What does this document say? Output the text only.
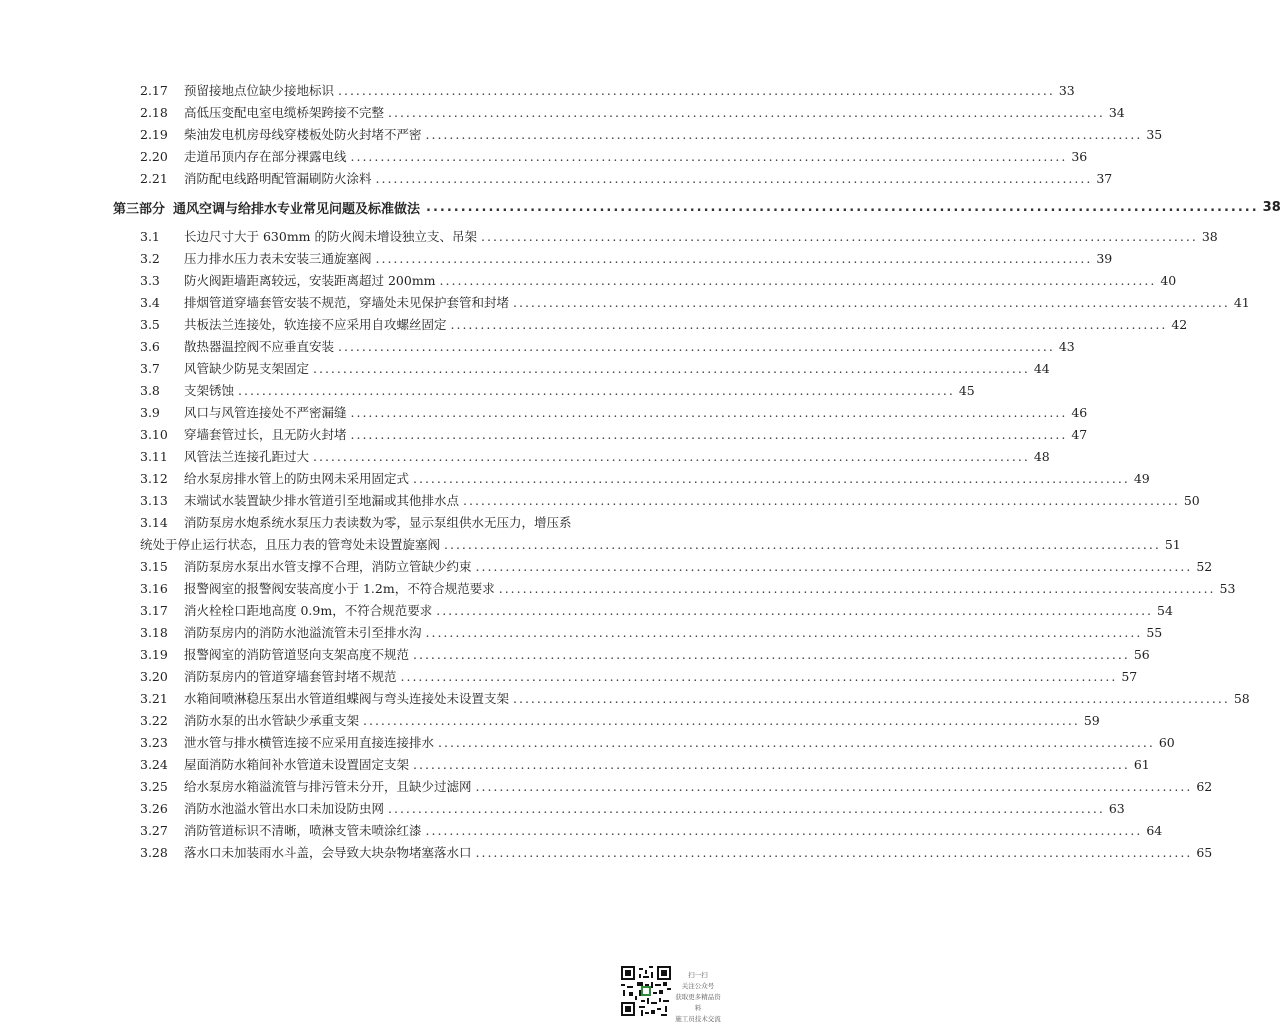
2.17	预留接地点位缺少接地标识 ........................................................................................................................ 33
2.18	高低压变配电室电缆桥架跨接不完整 ........................................................................................................................ 34
2.19	柴油发电机房母线穿楼板处防火封堵不严密 ........................................................................................................................ 35
2.20	走道吊顶内存在部分裸露电线 ........................................................................................................................ 36
2.21	消防配电线路明配管漏刷防火涂料 ........................................................................................................................ 37
第三部分 通风空调与给排水专业常见问题及标准做法 ........................................................................................................................ 38
3.1	长边尺寸大于 630mm 的防火阀未增设独立支、吊架 ........................................................................................................................ 38
3.2	压力排水压力表未安装三通旋塞阀 ........................................................................................................................ 39
3.3	防火阀距墙距离较远，安装距离超过 200mm ........................................................................................................................ 40
3.4	排烟管道穿墙套管安装不规范，穿墙处未见保护套管和封堵 ........................................................................................................................ 41
3.5	共板法兰连接处，软连接不应采用自攻螺丝固定 ........................................................................................................................ 42
3.6	散热器温控阀不应垂直安装 ........................................................................................................................ 43
3.7	风管缺少防晃支架固定 ........................................................................................................................ 44
3.8	支架锈蚀 ........................................................................................................................ 45
3.9	风口与风管连接处不严密漏缝 ........................................................................................................................ 46
3.10	穿墙套管过长，且无防火封堵 ........................................................................................................................ 47
3.11	风管法兰连接孔距过大 ........................................................................................................................ 48
3.12	给水泵房排水管上的防虫网未采用固定式 ........................................................................................................................ 49
3.13	末端试水装置缺少排水管道引至地漏或其他排水点 ........................................................................................................................ 50
3.14	消防泵房水炮系统水泵压力表读数为零，显示泵组供水无压力，增压系
统处于停止运行状态，且压力表的管弯处未设置旋塞阀 ........................................................................................................................ 51
3.15	消防泵房水泵出水管支撑不合理，消防立管缺少约束 ........................................................................................................................ 52
3.16	报警阀室的报警阀安装高度小于 1.2m，不符合规范要求 ........................................................................................................................ 53
3.17	消火栓栓口距地高度 0.9m，不符合规范要求 ........................................................................................................................ 54
3.18	消防泵房内的消防水池溢流管未引至排水沟 ........................................................................................................................ 55
3.19	报警阀室的消防管道竖向支架高度不规范 ........................................................................................................................ 56
3.20	消防泵房内的管道穿墙套管封堵不规范 ........................................................................................................................ 57
3.21	水箱间喷淋稳压泵出水管道组蝶阀与弯头连接处未设置支架 ........................................................................................................................ 58
3.22	消防水泵的出水管缺少承重支架 ........................................................................................................................ 59
3.23	泄水管与排水横管连接不应采用直接连接排水 ........................................................................................................................ 60
3.24	屋面消防水箱间补水管道未设置固定支架 ........................................................................................................................ 61
3.25	给水泵房水箱溢流管与排污管未分开，且缺少过滤网 ........................................................................................................................ 62
3.26	消防水池溢水管出水口未加设防虫网 ........................................................................................................................ 63
3.27	消防管道标识不清晰，喷淋支管未喷涂红漆 ........................................................................................................................ 64
3.28	落水口未加装雨水斗盖，会导致大块杂物堵塞落水口 ........................................................................................................................ 65
扫一扫
关注公众号
获取更多精品资料
施工员技术交流
